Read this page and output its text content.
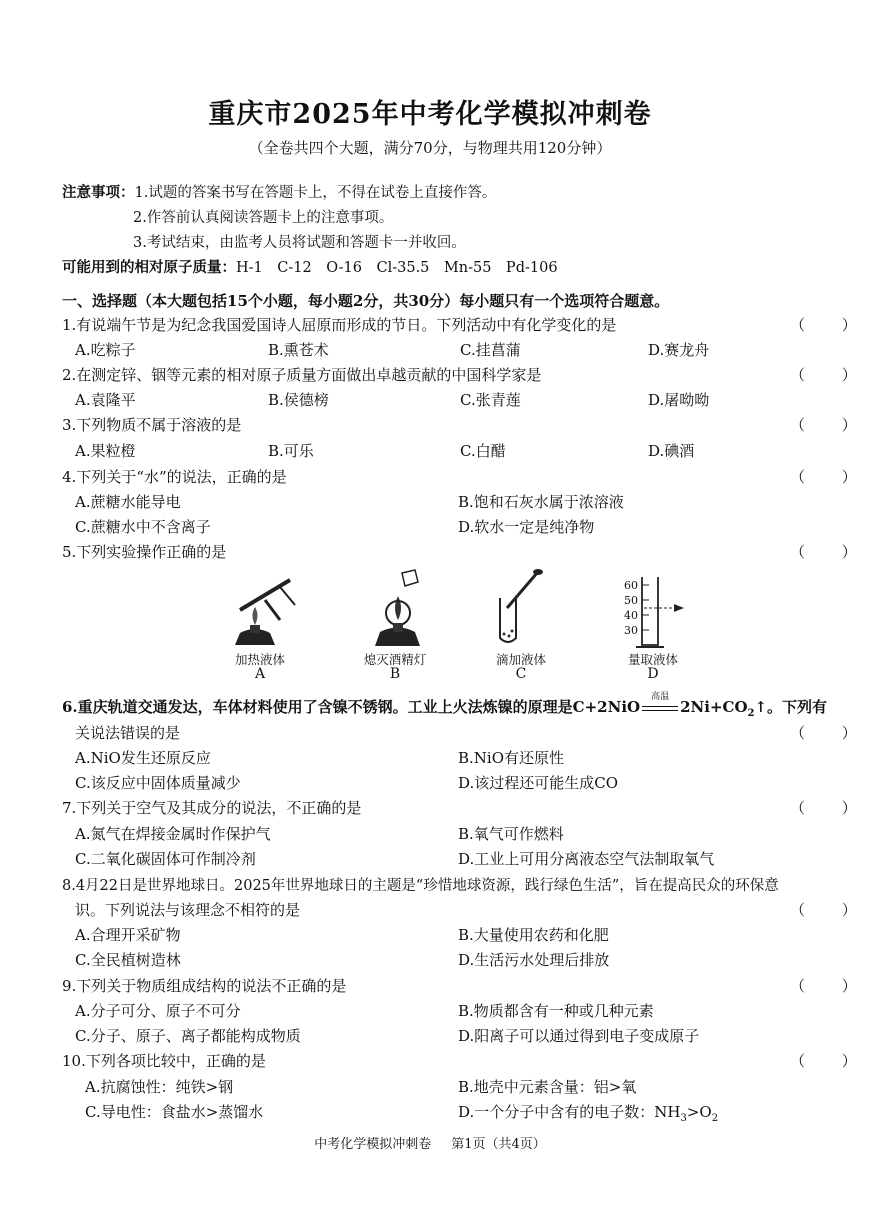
重庆市2025年中考化学模拟冲刺卷
（全卷共四个大题，满分70分，与物理共用120分钟）
注意事项：1.试题的答案书写在答题卡上，不得在试卷上直接作答。
2.作答前认真阅读答题卡上的注意事项。
3.考试结束，由监考人员将试题和答题卡一并收回。
可能用到的相对原子质量：H-1　C-12　O-16　Cl-35.5　Mn-55　Pd-106
一、选择题（本大题包括15个小题，每小题2分，共30分）每小题只有一个选项符合题意。
1.有说端午节是为纪念我国爱国诗人屈原而形成的节日。下列活动中有化学变化的是	（ ）
A.吃粽子	B.熏苍术	C.挂菖蒲	D.赛龙舟
2.在测定锌、铟等元素的相对原子质量方面做出卓越贡献的中国科学家是	（ ）
A.袁隆平	B.侯德榜	C.张青莲	D.屠呦呦
3.下列物质不属于溶液的是	（ ）
A.果粒橙	B.可乐	C.白醋	D.碘酒
4.下列关于“水”的说法，正确的是	（ ）
A.蔗糖水能导电	B.饱和石灰水属于浓溶液
C.蔗糖水中不含离子	D.软水一定是纯净物
5.下列实验操作正确的是	（ ）
加热液体
A
熄灭酒精灯
B
滴加液体
C
60
50
40
30
量取液体
D
6.重庆轨道交通发达，车体材料使用了含镍不锈钢。工业上火法炼镍的原理是C+2NiO
高温
$2Ni+CO_2↑$。下列有
关说法错误的是	（ ）
A.NiO发生还原反应	B.NiO有还原性
C.该反应中固体质量减少	D.该过程还可能生成CO
7.下列关于空气及其成分的说法，不正确的是	（ ）
A.氮气在焊接金属时作保护气	B.氧气可作燃料
C.二氧化碳固体可作制冷剂	D.工业上可用分离液态空气法制取氧气
8.4月22日是世界地球日。2025年世界地球日的主题是“珍惜地球资源，践行绿色生活”，旨在提高民众的环保意
识。下列说法与该理念不相符的是	（ ）
A.合理开采矿物	B.大量使用农药和化肥
C.全民植树造林	D.生活污水处理后排放
9.下列关于物质组成结构的说法不正确的是	（ ）
A.分子可分、原子不可分	B.物质都含有一种或几种元素
C.分子、原子、离子都能构成物质	D.阳离子可以通过得到电子变成原子
10.下列各项比较中，正确的是	（ ）
A.抗腐蚀性：纯铁>钢	B.地壳中元素含量：铝>氧
C.导电性：食盐水>蒸馏水	D.一个分子中含有的电子数：$NH_3>O_2$
中考化学模拟冲刺卷 第1页（共4页）
